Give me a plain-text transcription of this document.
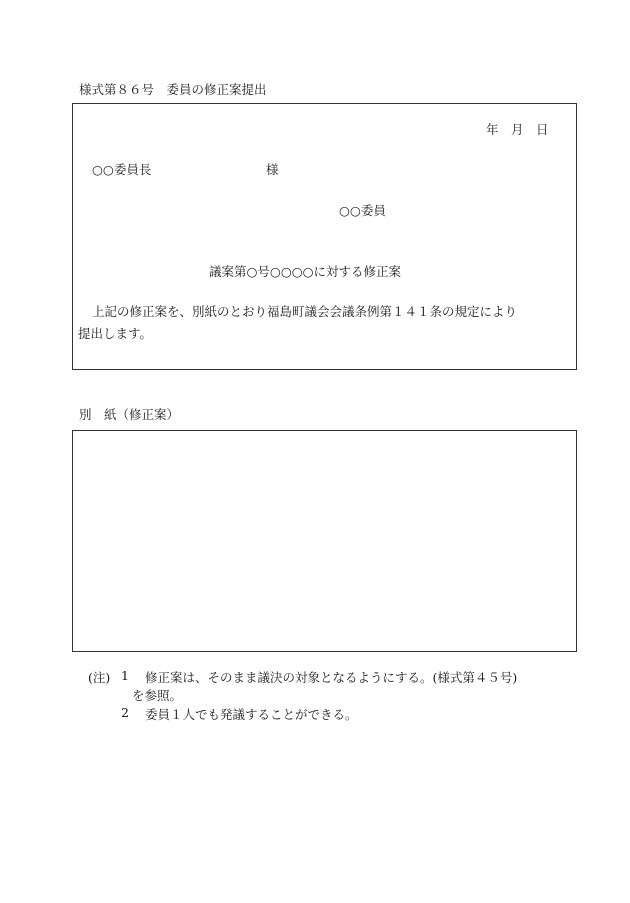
様式第８６号　委員の修正案提出
年　月　日
○○委員長	様
○○委員
議案第○号○○○○に対する修正案
上記の修正案を、別紙のとおり福島町議会会議条例第１４１条の規定により
提出します。
別　紙（修正案）
(注) 1 修正案は、そのまま議決の対象となるようにする。(様式第４５号)
を参照。
2 委員１人でも発議することができる。
